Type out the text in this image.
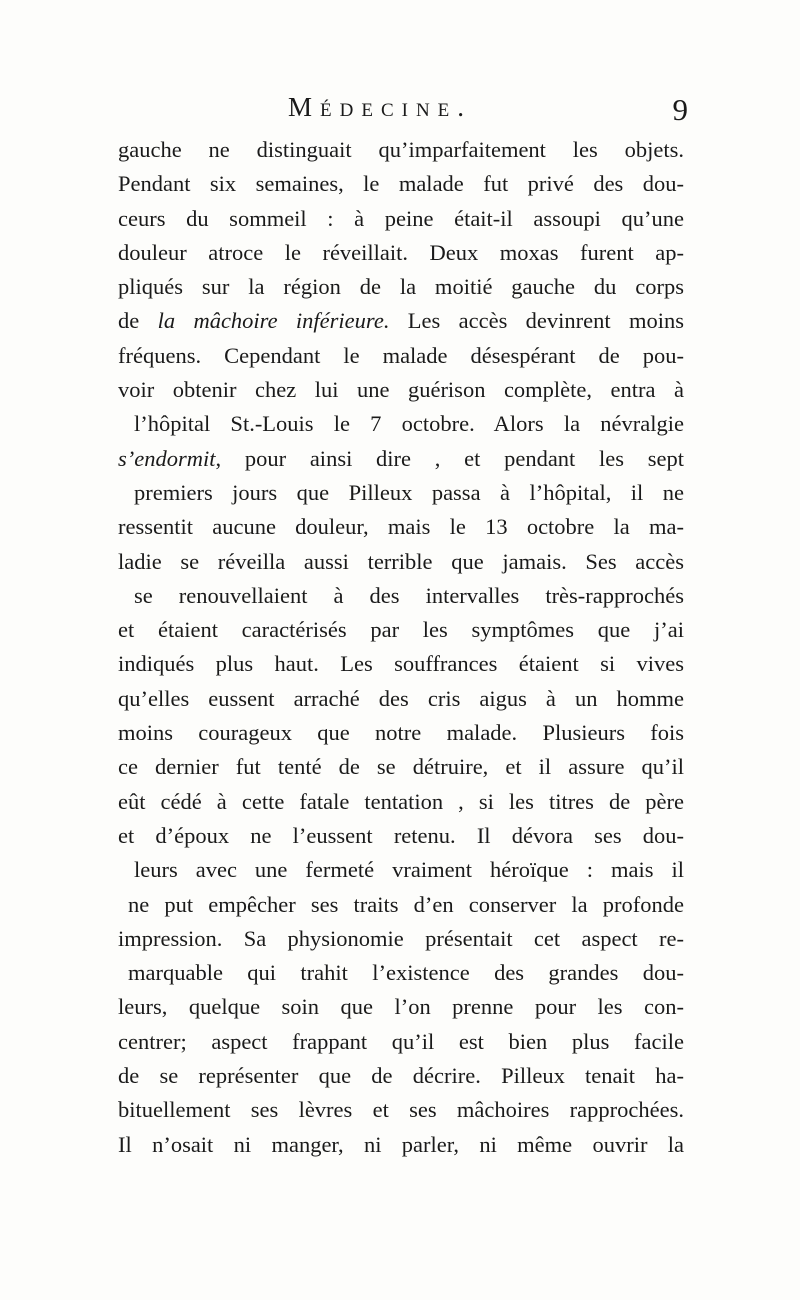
Médecine.	9
gauche ne distinguait qu’imparfaitement les objets.
Pendant six semaines, le malade fut privé des dou-
ceurs du sommeil : à peine était-il assoupi qu’une
douleur atroce le réveillait. Deux moxas furent ap-
pliqués sur la région de la moitié gauche du corps
de la mâchoire inférieure. Les accès devinrent moins
fréquens. Cependant le malade désespérant de pou-
voir obtenir chez lui une guérison complète, entra à
l’hôpital St.-Louis le 7 octobre. Alors la névralgie
s’endormit, pour ainsi dire , et pendant les sept
premiers jours que Pilleux passa à l’hôpital, il ne
ressentit aucune douleur, mais le 13 octobre la ma-
ladie se réveilla aussi terrible que jamais. Ses accès
se renouvellaient à des intervalles très-rapprochés
et étaient caractérisés par les symptômes que j’ai
indiqués plus haut. Les souffrances étaient si vives
qu’elles eussent arraché des cris aigus à un homme
moins courageux que notre malade. Plusieurs fois
ce dernier fut tenté de se détruire, et il assure qu’il
eût cédé à cette fatale tentation , si les titres de père
et d’époux ne l’eussent retenu. Il dévora ses dou-
leurs avec une fermeté vraiment héroïque : mais il
ne put empêcher ses traits d’en conserver la profonde
impression. Sa physionomie présentait cet aspect re-
marquable qui trahit l’existence des grandes dou-
leurs, quelque soin que l’on prenne pour les con-
centrer; aspect frappant qu’il est bien plus facile
de se représenter que de décrire. Pilleux tenait ha-
bituellement ses lèvres et ses mâchoires rapprochées.
Il n’osait ni manger, ni parler, ni même ouvrir la
